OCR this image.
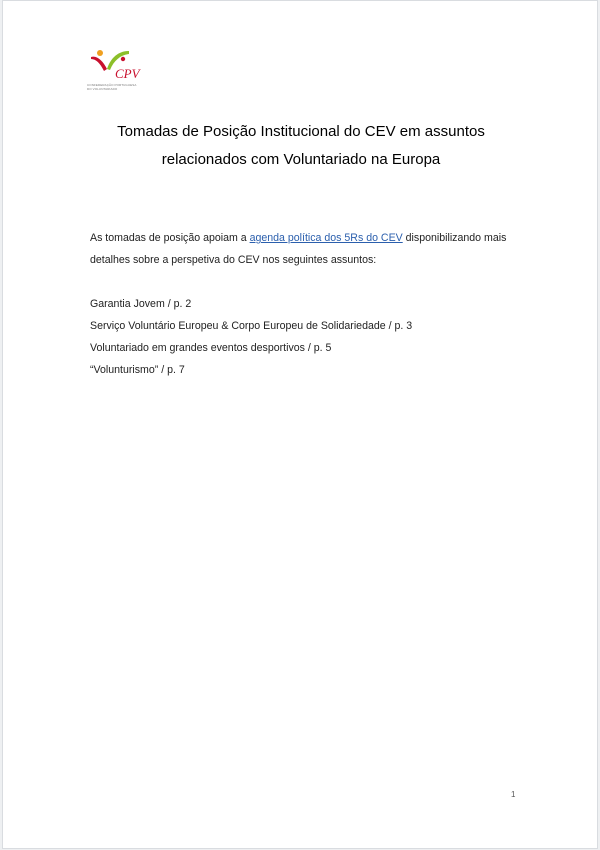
CPV
CONFEDERAÇÃO PORTUGUESA DO VOLUNTARIADO
Tomadas de Posição Institucional do CEV em assuntos
relacionados com Voluntariado na Europa
As tomadas de posição apoiam a agenda política dos 5Rs do CEV disponibilizando mais
detalhes sobre a perspetiva do CEV nos seguintes assuntos:
Garantia Jovem / p. 2
Serviço Voluntário Europeu & Corpo Europeu de Solidariedade / p. 3
Voluntariado em grandes eventos desportivos / p. 5
“Volunturismo” / p. 7
1
